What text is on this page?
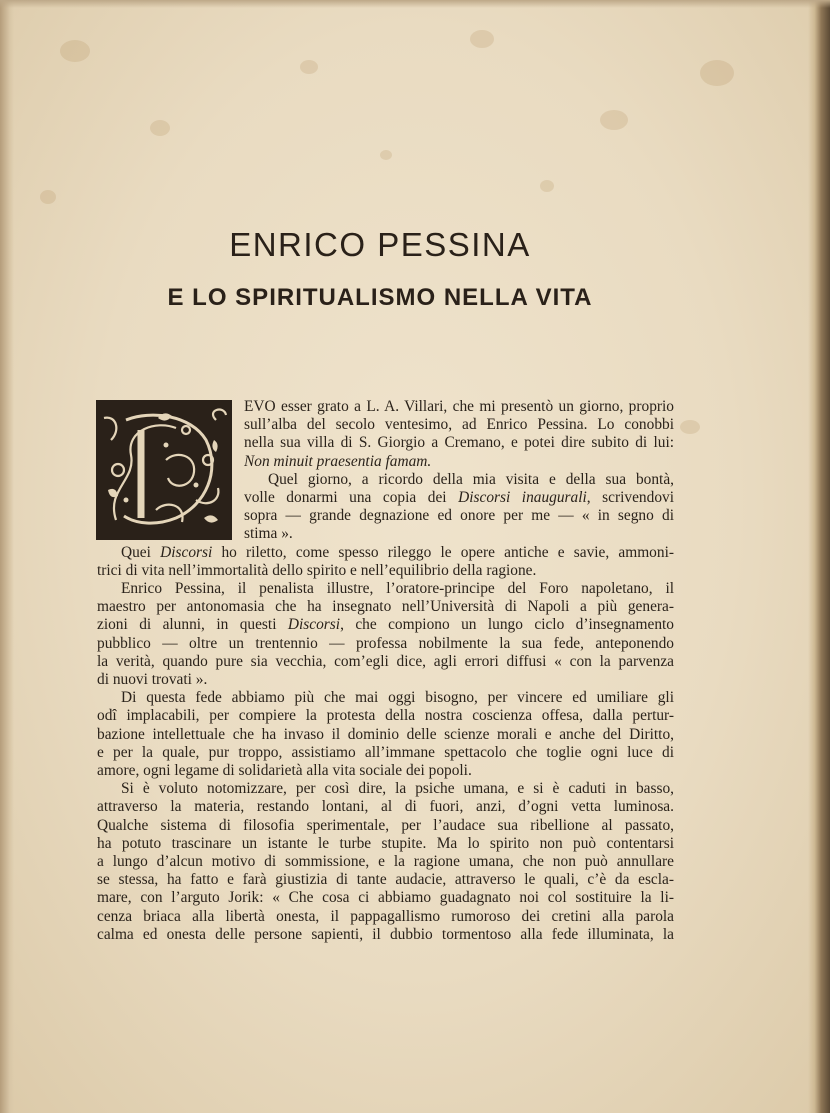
ENRICO PESSINA
E LO SPIRITUALISMO NELLA VITA
EVO esser grato a L. A. Villari, che mi presentò un giorno, proprio
sull’alba del secolo ventesimo, ad Enrico Pessina. Lo conobbi
nella sua villa di S. Giorgio a Cremano, e potei dire subito di lui:
Non minuit praesentia famam.
Quel giorno, a ricordo della mia visita e della sua bontà,
volle donarmi una copia dei Discorsi inaugurali, scrivendovi
sopra — grande degnazione ed onore per me — « in segno di
stima ».
Quei Discorsi ho riletto, come spesso rileggo le opere antiche e savie, ammoni-
trici di vita nell’immortalità dello spirito e nell’equilibrio della ragione.
Enrico Pessina, il penalista illustre, l’oratore-principe del Foro napoletano, il
maestro per antonomasia che ha insegnato nell’Università di Napoli a più genera-
zioni di alunni, in questi Discorsi, che compiono un lungo ciclo d’insegnamento
pubblico — oltre un trentennio — professa nobilmente la sua fede, anteponendo
la verità, quando pure sia vecchia, com’egli dice, agli errori diffusi « con la parvenza
di nuovi trovati ».
Di questa fede abbiamo più che mai oggi bisogno, per vincere ed umiliare gli
odî implacabili, per compiere la protesta della nostra coscienza offesa, dalla pertur-
bazione intellettuale che ha invaso il dominio delle scienze morali e anche del Diritto,
e per la quale, pur troppo, assistiamo all’immane spettacolo che toglie ogni luce di
amore, ogni legame di solidarietà alla vita sociale dei popoli.
Si è voluto notomizzare, per così dire, la psiche umana, e si è caduti in basso,
attraverso la materia, restando lontani, al di fuori, anzi, d’ogni vetta luminosa.
Qualche sistema di filosofia sperimentale, per l’audace sua ribellione al passato,
ha potuto trascinare un istante le turbe stupite. Ma lo spirito non può contentarsi
a lungo d’alcun motivo di sommissione, e la ragione umana, che non può annullare
se stessa, ha fatto e farà giustizia di tante audacie, attraverso le quali, c’è da escla-
mare, con l’arguto Jorik: « Che cosa ci abbiamo guadagnato noi col sostituire la li-
cenza briaca alla libertà onesta, il pappagallismo rumoroso dei cretini alla parola
calma ed onesta delle persone sapienti, il dubbio tormentoso alla fede illuminata, la
